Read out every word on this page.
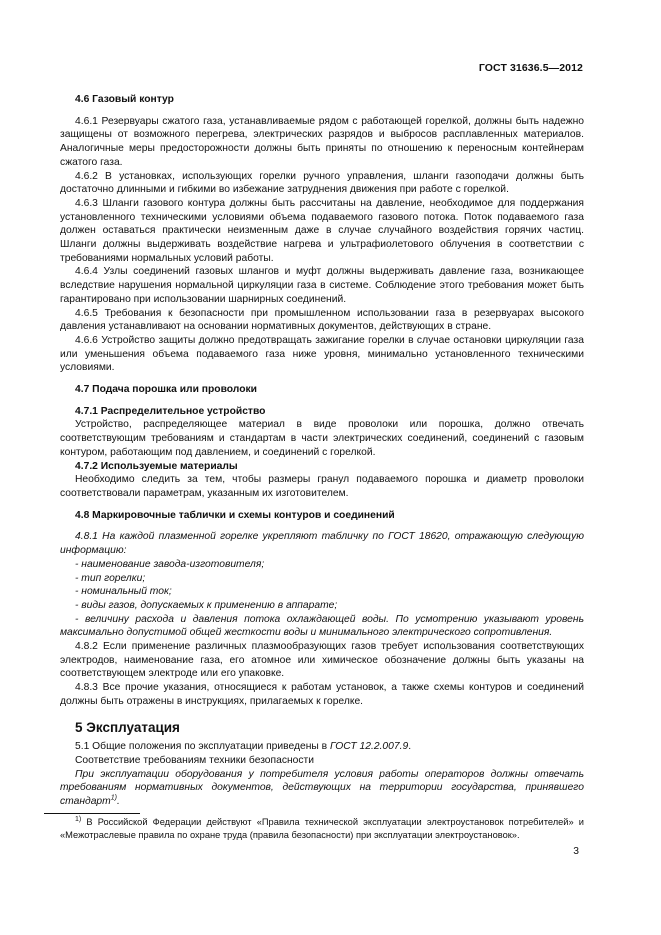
ГОСТ 31636.5—2012

4.6 Газовый контур

4.6.1 Резервуары сжатого газа, устанавливаемые рядом с работающей горелкой, должны быть надежно защищены от возможного перегрева, электрических разрядов и выбросов расплавленных материалов. Аналогичные меры предосторожности должны быть приняты по отношению к переносным контейнерам сжатого газа.

4.6.2 В установках, использующих горелки ручного управления, шланги газоподачи должны быть достаточно длинными и гибкими во избежание затруднения движения при работе с горелкой.

4.6.3 Шланги газового контура должны быть рассчитаны на давление, необходимое для поддержания установленного техническими условиями объема подаваемого газового потока. Поток подаваемого газа должен оставаться практически неизменным даже в случае случайного воздействия горячих частиц. Шланги должны выдерживать воздействие нагрева и ультрафиолетового облучения в соответствии с требованиями нормальных условий работы.

4.6.4 Узлы соединений газовых шлангов и муфт должны выдерживать давление газа, возникающее вследствие нарушения нормальной циркуляции газа в системе. Соблюдение этого требования может быть гарантировано при использовании шарнирных соединений.

4.6.5 Требования к безопасности при промышленном использовании газа в резервуарах высокого давления устанавливают на основании нормативных документов, действующих в стране.

4.6.6 Устройство защиты должно предотвращать зажигание горелки в случае остановки циркуляции газа или уменьшения объема подаваемого газа ниже уровня, минимально установленного техническими условиями.

4.7 Подача порошка или проволоки

4.7.1 Распределительное устройство

Устройство, распределяющее материал в виде проволоки или порошка, должно отвечать соответствующим требованиям и стандартам в части электрических соединений, соединений с газовым контуром, работающим под давлением, и соединений с горелкой.

4.7.2 Используемые материалы

Необходимо следить за тем, чтобы размеры гранул подаваемого порошка и диаметр проволоки соответствовали параметрам, указанным их изготовителем.

4.8 Маркировочные таблички и схемы контуров и соединений

4.8.1 На каждой плазменной горелке укрепляют табличку по ГОСТ 18620, отражающую следующую информацию:

- наименование завода-изготовителя;

- тип горелки;

- номинальный ток;

- виды газов, допускаемых к применению в аппарате;

- величину расхода и давления потока охлаждающей воды. По усмотрению указывают уровень максимально допустимой общей жесткости воды и минимального электрического сопротивления.

4.8.2 Если применение различных плазмообразующих газов требует использования соответствующих электродов, наименование газа, его атомное или химическое обозначение должны быть указаны на соответствующем электроде или его упаковке.

4.8.3 Все прочие указания, относящиеся к работам установок, а также схемы контуров и соединений должны быть отражены в инструкциях, прилагаемых к горелке.

5 Эксплуатация

5.1 Общие положения по эксплуатации приведены в ГОСТ 12.2.007.9.

Соответствие требованиям техники безопасности

При эксплуатации оборудования у потребителя условия работы операторов должны отвечать требованиям нормативных документов, действующих на территории государства, принявшего стандарт$^{1)}$.

$^{1)}$ В Российской Федерации действуют «Правила технической эксплуатации электроустановок потребителей» и «Межотраслевые правила по охране труда (правила безопасности) при эксплуатации электроустановок».
3
